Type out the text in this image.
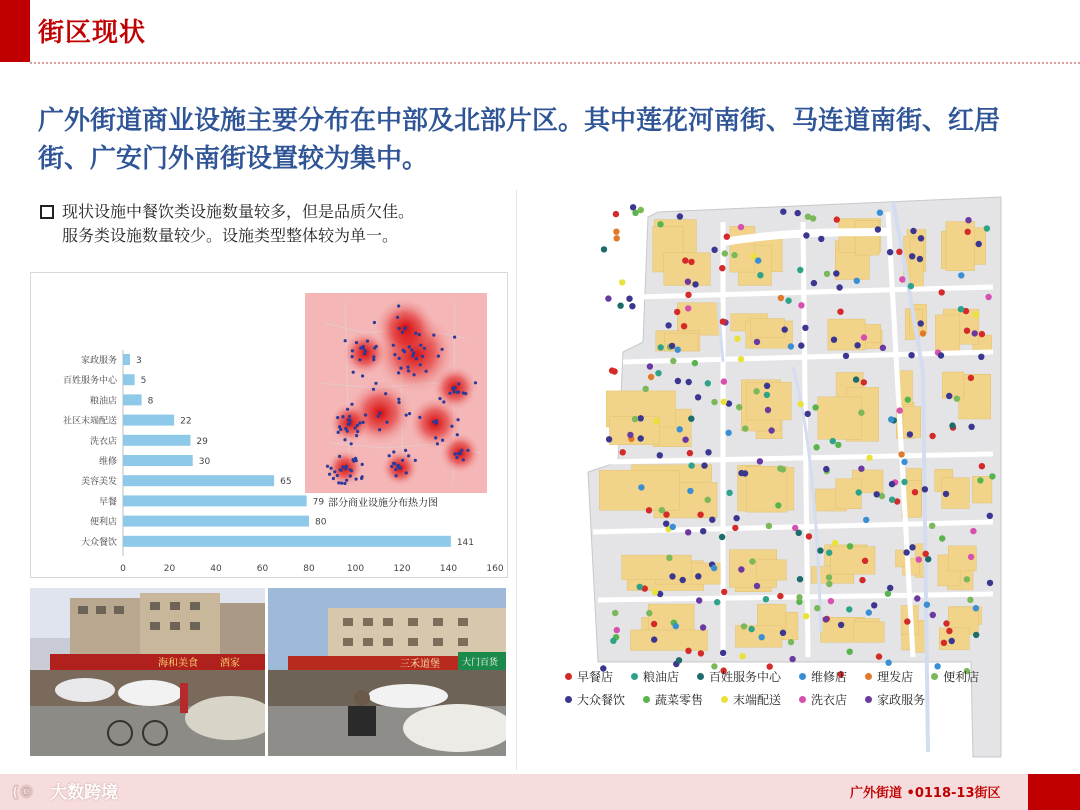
街区现状
广外街道商业设施主要分布在中部及北部片区。其中莲花河南街、马连道南街、红居街、广安门外南街设置较为集中。
现状设施中餐饮类设施数量较多，但是品质欠佳。
服务类设施数量较少。设施类型整体较为单一。
家政服务 3
百姓服务中心	5
粮油店	8
社区末端配送	22
洗衣店	29
维修	30
美容美发	65
早餐	79
便利店	80
大众餐饮	141
0	20	40	60	80	100	120	140	160
部分商业设施分布热力图
海和美食 酒家	三禾道堡 大门百货
早餐店	粮油店	百姓服务中心	维修店	理发店	便利店
大众餐饮	蔬菜零售	末端配送	洗衣店	家政服务
(© 大数跨境	广外街道 •0118-13街区
